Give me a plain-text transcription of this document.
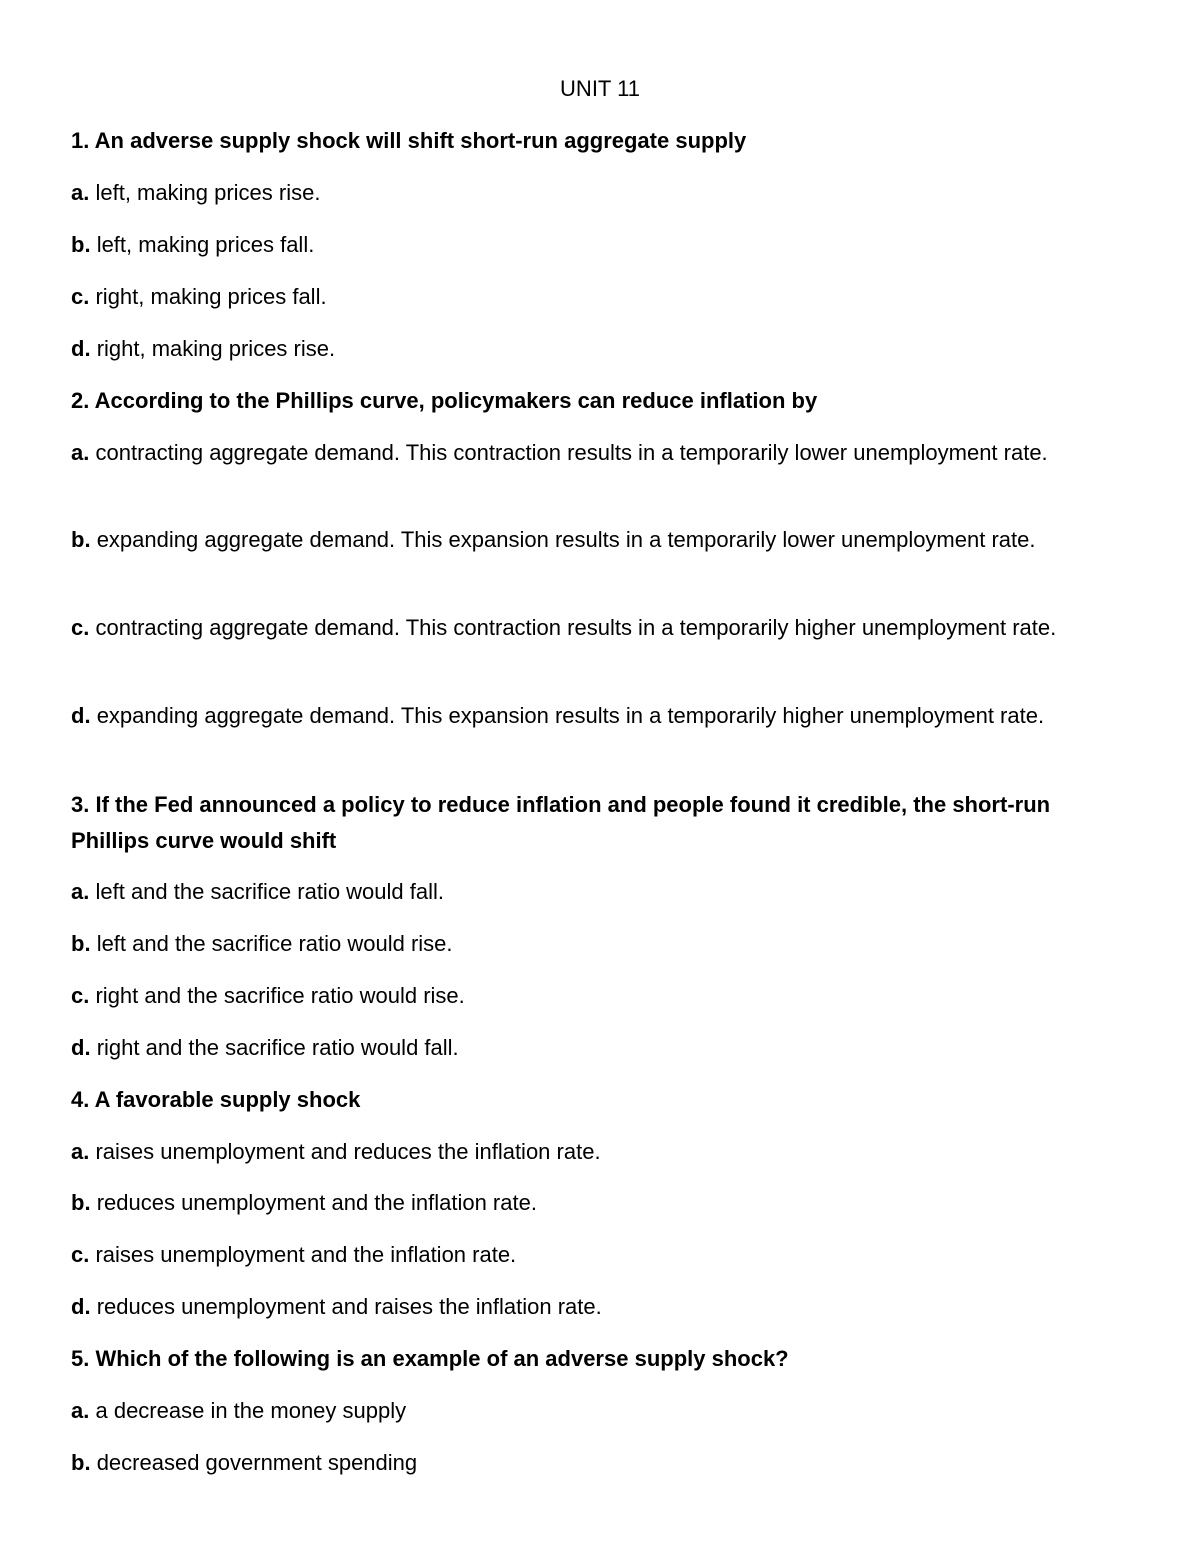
UNIT 11

1. An adverse supply shock will shift short-run aggregate supply

a. left, making prices rise.

b. left, making prices fall.

c. right, making prices fall.

d. right, making prices rise.

2. According to the Phillips curve, policymakers can reduce inflation by

a. contracting aggregate demand. This contraction results in a temporarily lower unemployment rate.

b. expanding aggregate demand. This expansion results in a temporarily lower unemployment rate.

c. contracting aggregate demand. This contraction results in a temporarily higher unemployment rate.

d. expanding aggregate demand. This expansion results in a temporarily higher unemployment rate.

3. If the Fed announced a policy to reduce inflation and people found it credible, the short-run Phillips curve would shift

a. left and the sacrifice ratio would fall.

b. left and the sacrifice ratio would rise.

c. right and the sacrifice ratio would rise.

d. right and the sacrifice ratio would fall.

4. A favorable supply shock

a. raises unemployment and reduces the inflation rate.

b. reduces unemployment and the inflation rate.

c. raises unemployment and the inflation rate.

d. reduces unemployment and raises the inflation rate.

5. Which of the following is an example of an adverse supply shock?

a. a decrease in the money supply

b. decreased government spending
